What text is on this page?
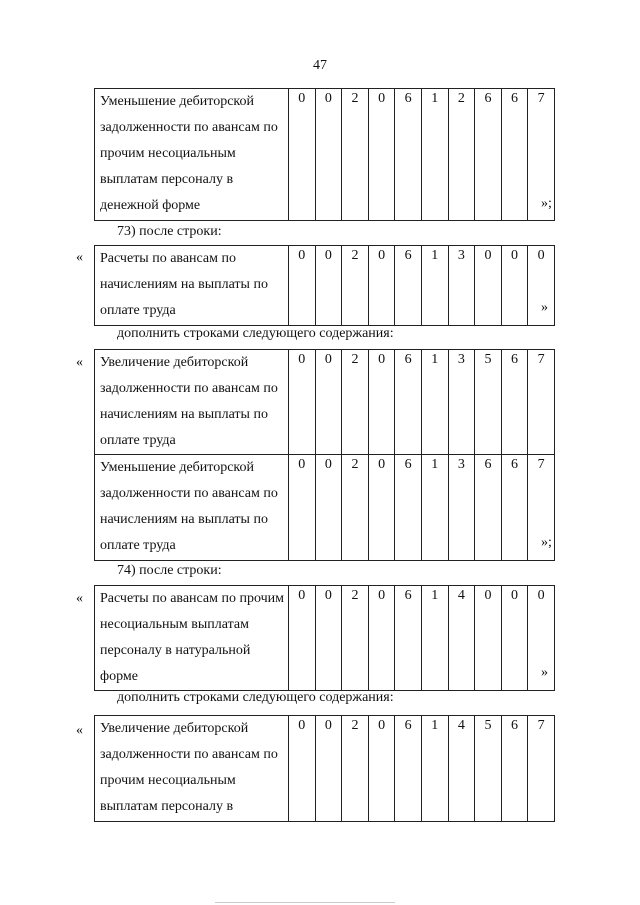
47
Уменьшение дебиторской задолженности по авансам по прочим несоциальным выплатам персоналу в денежной форме	0	0	2	0	6	1	2	6	6	7
»;
73) после строки:
« Расчеты по авансам по начислениям на выплаты по оплате труда	0	0	2	0	6	1	3	0	0	0
»
дополнить строками следующего содержания:
« Увеличение дебиторской задолженности по авансам по начислениям на выплаты по оплате труда	0	0	2	0	6	1	3	5	6	7
Уменьшение дебиторской задолженности по авансам по начислениям на выплаты по оплате труда	0	0	2	0	6	1	3	6	6	7
»;
74) после строки:
« Расчеты по авансам по прочим несоциальным выплатам персоналу в натуральной форме	0	0	2	0	6	1	4	0	0	0
»
дополнить строками следующего содержания:
« Увеличение дебиторской задолженности по авансам по прочим несоциальным выплатам персоналу в	0	0	2	0	6	1	4	5	6	7
